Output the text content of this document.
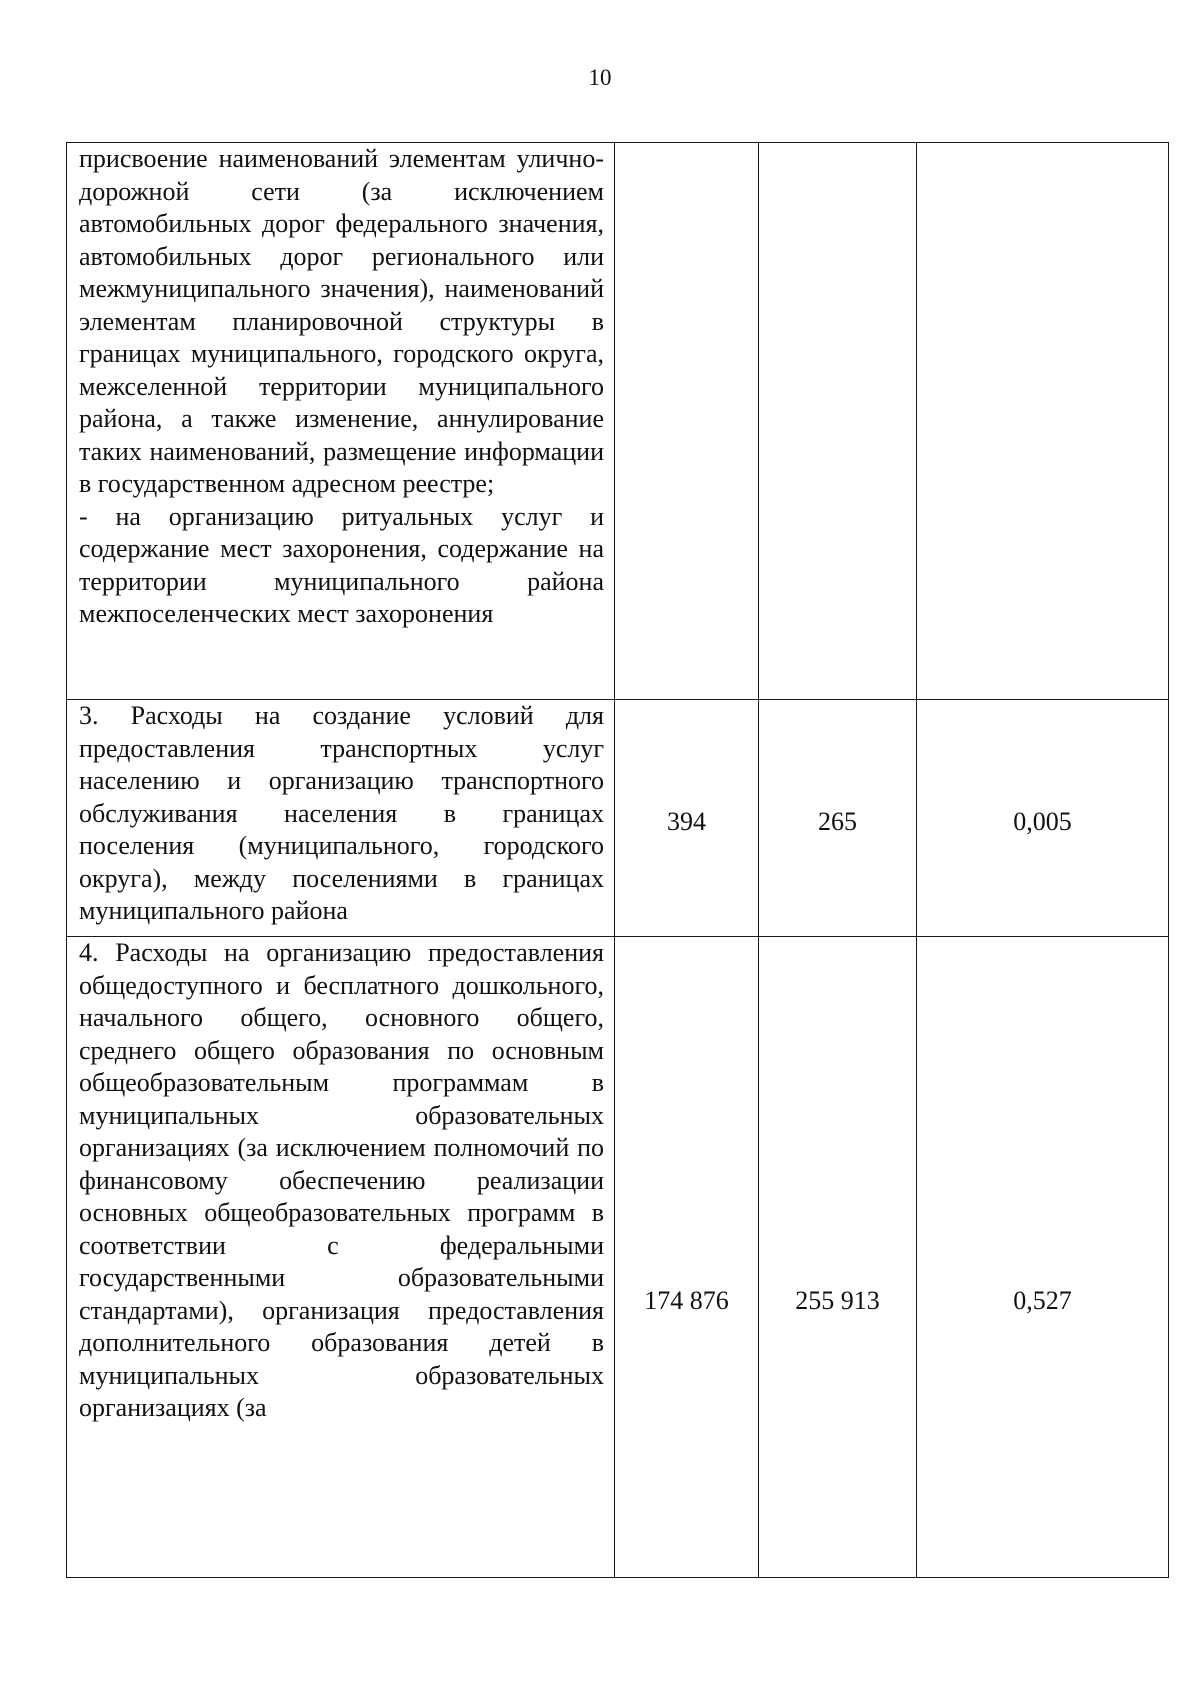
10

присвоение наименований элементам улично-дорожной сети (за исключением автомобильных дорог федерального значения, автомобильных дорог регионального или межмуниципального значения), наименований элементам планировочной структуры в границах муниципального, городского округа, межселенной территории муниципального района, а также изменение, аннулирование таких наименований, размещение информации в государственном адресном реестре;

- на организацию ритуальных услуг и содержание мест захоронения, содержание на территории муниципального района межпоселенческих мест захоронения			

3. Расходы на создание условий для предоставления транспортных услуг населению и организацию транспортного обслуживания населения в границах поселения (муниципального, городского округа), между поселениями в границах муниципального района	394	265	0,005

4. Расходы на организацию предоставления общедоступного и бесплатного дошкольного, начального общего, основного общего, среднего общего образования по основным общеобразовательным программам в муниципальных образовательных организациях (за исключением полномочий по финансовому обеспечению реализации основных общеобразовательных программ в соответствии с федеральными государственными образовательными стандартами), организация предоставления дополнительного образования детей в муниципальных образовательных организациях (за	174 876	255 913	0,527
